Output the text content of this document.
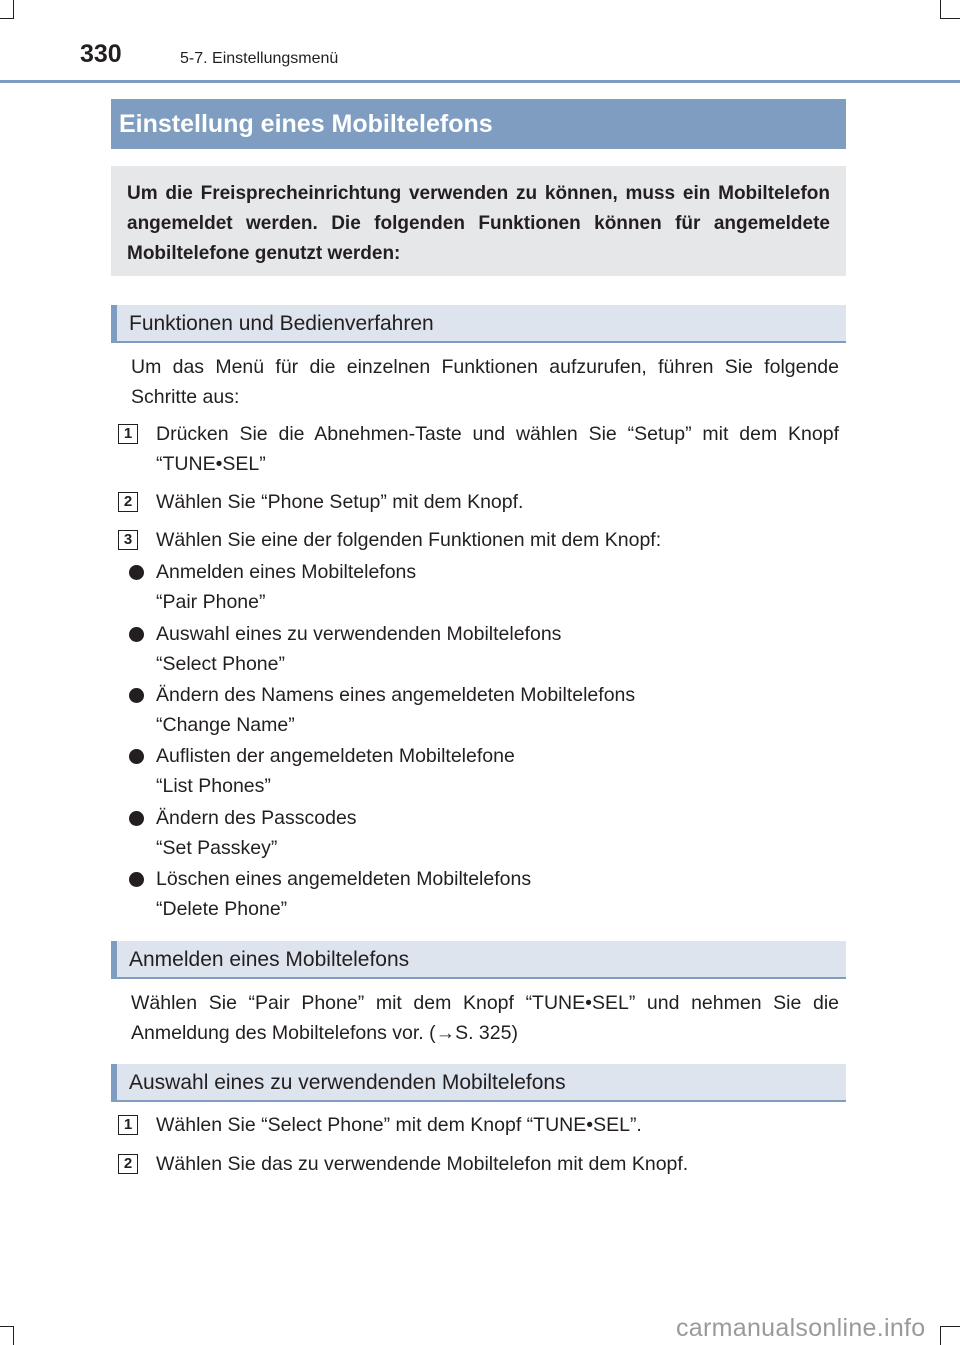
330	5-7. Einstellungsmenü
Einstellung eines Mobiltelefons
Um die Freisprecheinrichtung verwenden zu können, muss ein Mobiltelefon angemeldet werden. Die folgenden Funktionen können für angemeldete Mobiltelefone genutzt werden:
Funktionen und Bedienverfahren
Um das Menü für die einzelnen Funktionen aufzurufen, führen Sie folgende Schritte aus:
1 Drücken Sie die Abnehmen-Taste und wählen Sie “Setup” mit dem Knopf “TUNE•SEL”
2 Wählen Sie “Phone Setup” mit dem Knopf.
3 Wählen Sie eine der folgenden Funktionen mit dem Knopf:
Anmelden eines Mobiltelefons
“Pair Phone”
Auswahl eines zu verwendenden Mobiltelefons
“Select Phone”
Ändern des Namens eines angemeldeten Mobiltelefons
“Change Name”
Auflisten der angemeldeten Mobiltelefone
“List Phones”
Ändern des Passcodes
“Set Passkey”
Löschen eines angemeldeten Mobiltelefons
“Delete Phone”
Anmelden eines Mobiltelefons
Wählen Sie “Pair Phone” mit dem Knopf “TUNE•SEL” und nehmen Sie die Anmeldung des Mobiltelefons vor. (→S. 325)
Auswahl eines zu verwendenden Mobiltelefons
1 Wählen Sie “Select Phone” mit dem Knopf “TUNE•SEL”.
2 Wählen Sie das zu verwendende Mobiltelefon mit dem Knopf.
carmanualsonline.info
